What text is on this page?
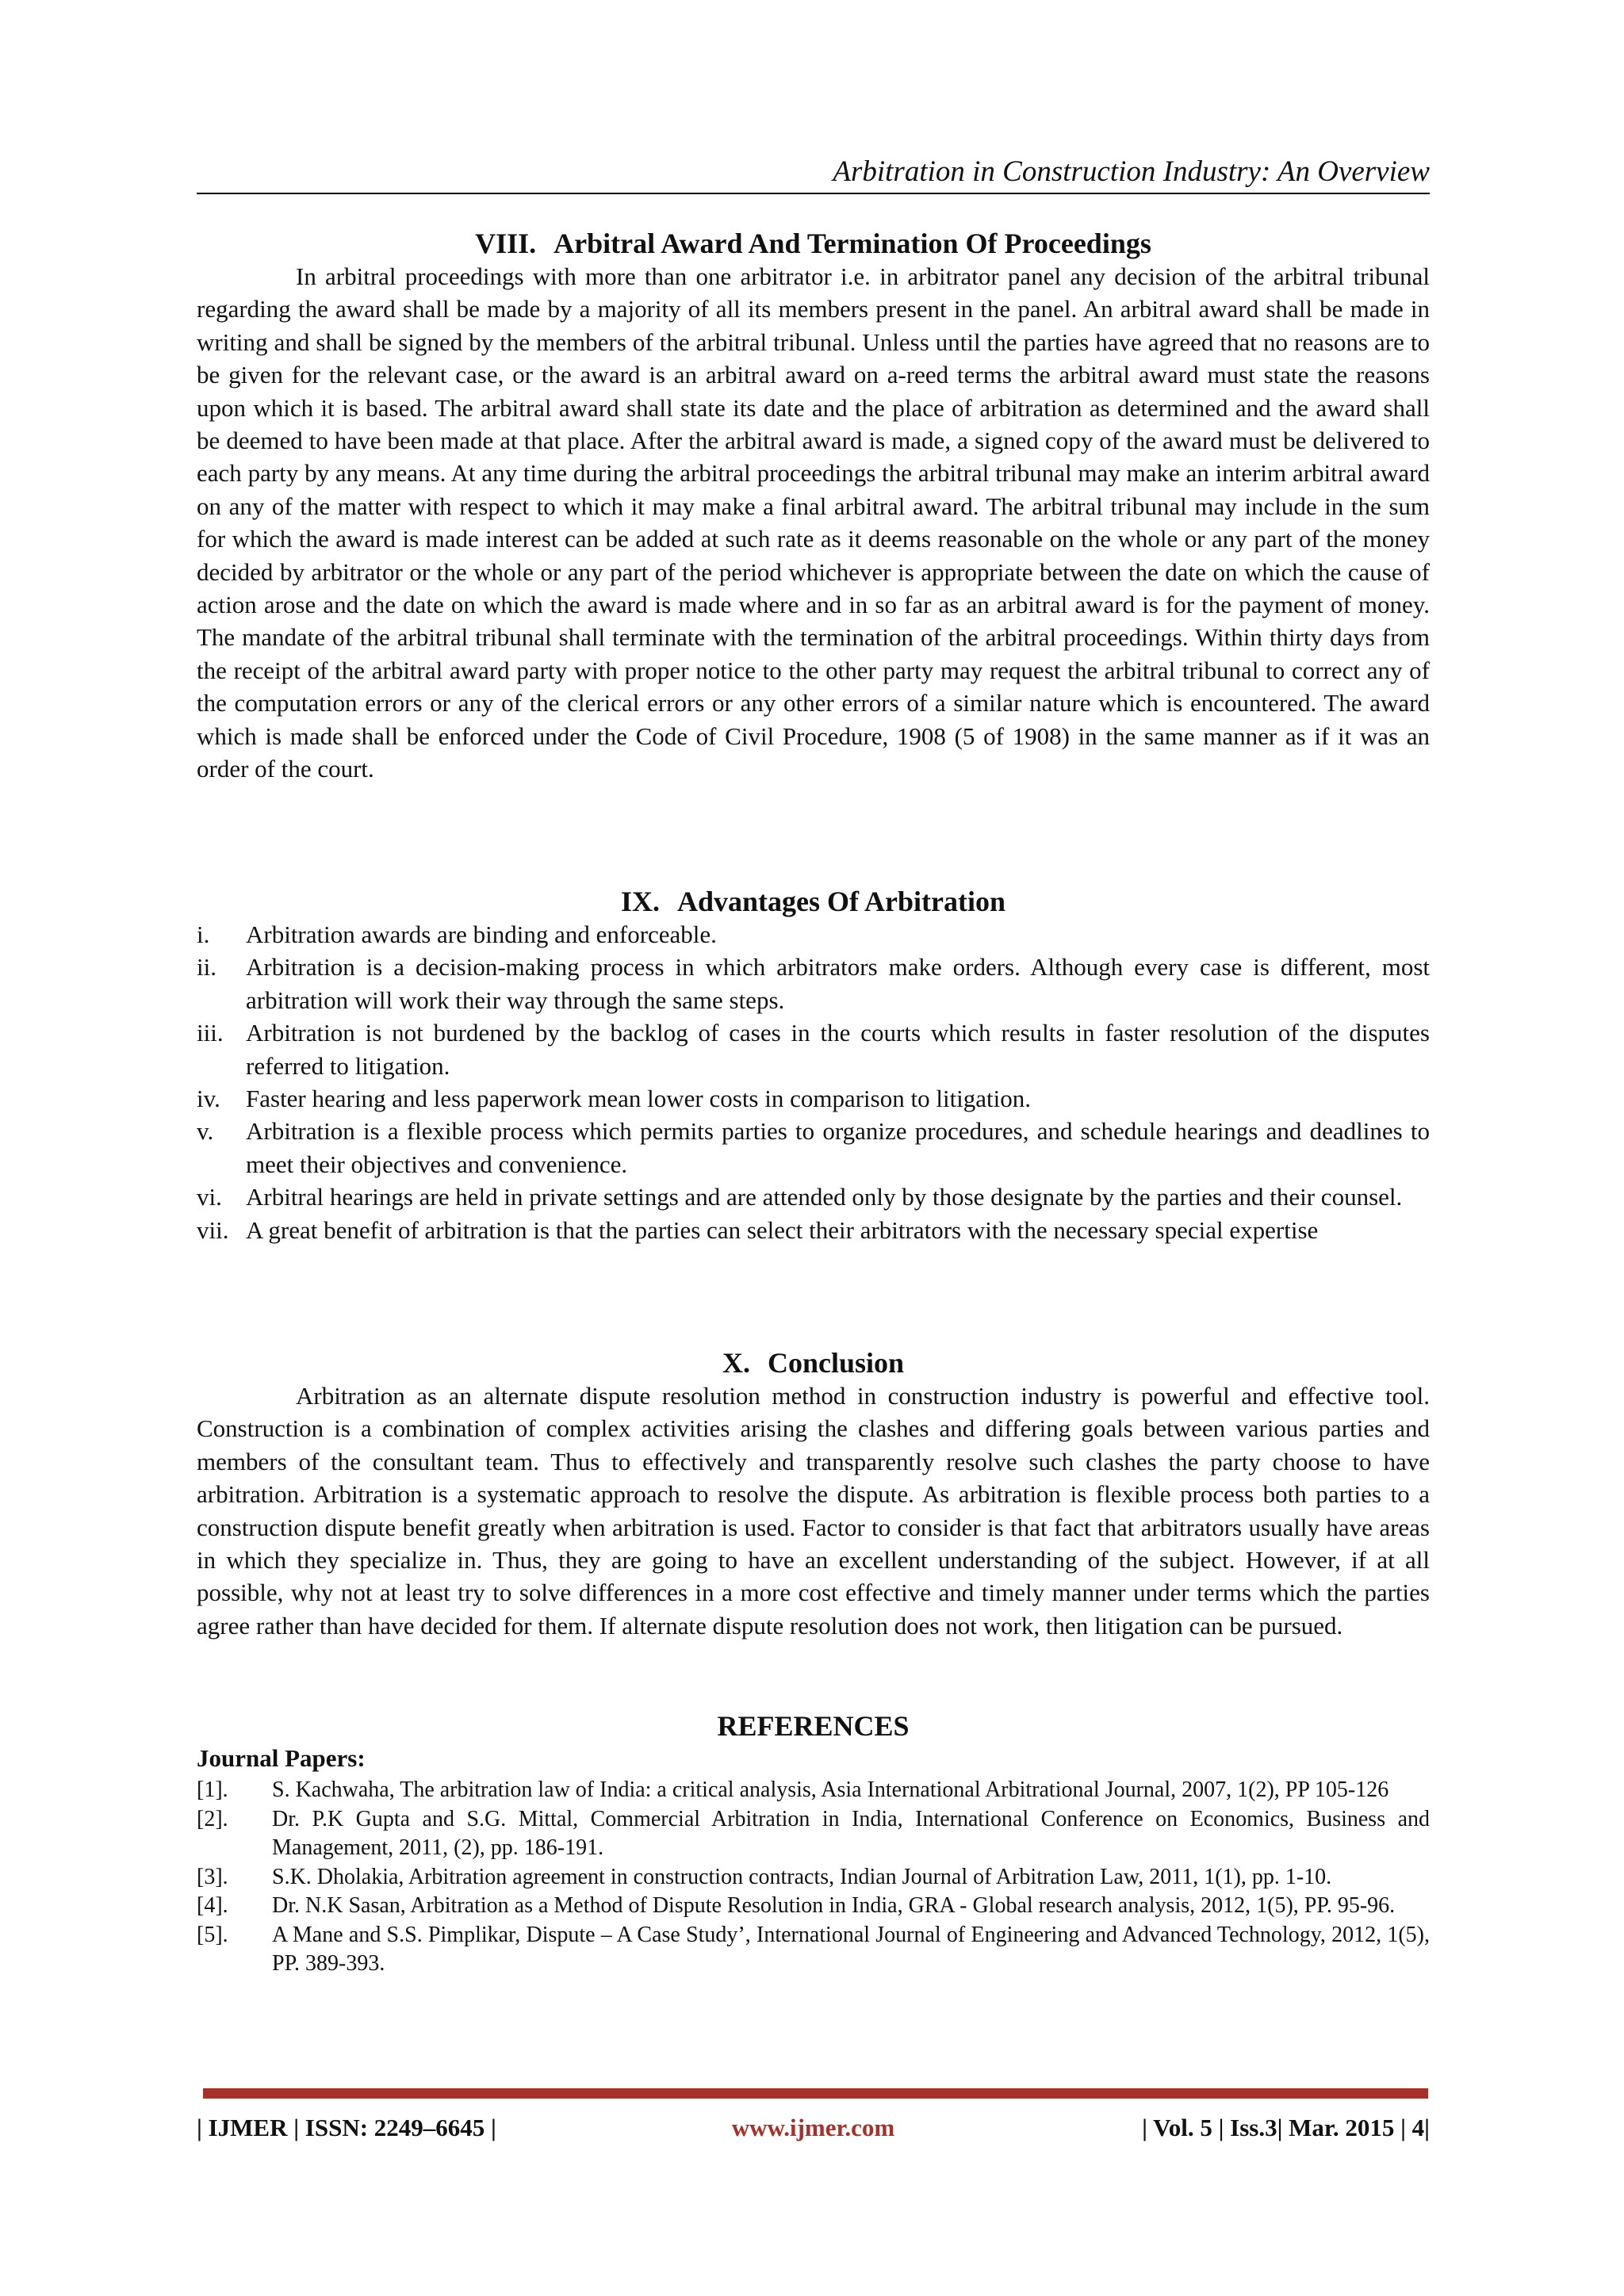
Arbitration in Construction Industry: An Overview
VIII. Arbitral Award And Termination Of Proceedings

In arbitral proceedings with more than one arbitrator i.e. in arbitrator panel any decision of the arbitral tribunal regarding the award shall be made by a majority of all its members present in the panel. An arbitral award shall be made in writing and shall be signed by the members of the arbitral tribunal. Unless until the parties have agreed that no reasons are to be given for the relevant case, or the award is an arbitral award on a-reed terms the arbitral award must state the reasons upon which it is based. The arbitral award shall state its date and the place of arbitration as determined and the award shall be deemed to have been made at that place. After the arbitral award is made, a signed copy of the award must be delivered to each party by any means. At any time during the arbitral proceedings the arbitral tribunal may make an interim arbitral award on any of the matter with respect to which it may make a final arbitral award. The arbitral tribunal may include in the sum for which the award is made interest can be added at such rate as it deems reasonable on the whole or any part of the money decided by arbitrator or the whole or any part of the period whichever is appropriate between the date on which the cause of action arose and the date on which the award is made where and in so far as an arbitral award is for the payment of money. The mandate of the arbitral tribunal shall terminate with the termination of the arbitral proceedings. Within thirty days from the receipt of the arbitral award party with proper notice to the other party may request the arbitral tribunal to correct any of the computation errors or any of the clerical errors or any other errors of a similar nature which is encountered. The award which is made shall be enforced under the Code of Civil Procedure, 1908 (5 of 1908) in the same manner as if it was an order of the court.

IX. Advantages Of Arbitration
i. Arbitration awards are binding and enforceable.
ii. Arbitration is a decision-making process in which arbitrators make orders. Although every case is different, most arbitration will work their way through the same steps.
iii. Arbitration is not burdened by the backlog of cases in the courts which results in faster resolution of the disputes referred to litigation.
iv. Faster hearing and less paperwork mean lower costs in comparison to litigation.
v. Arbitration is a flexible process which permits parties to organize procedures, and schedule hearings and deadlines to meet their objectives and convenience.
vi. Arbitral hearings are held in private settings and are attended only by those designate by the parties and their counsel.
vii. A great benefit of arbitration is that the parties can select their arbitrators with the necessary special expertise
X. Conclusion

Arbitration as an alternate dispute resolution method in construction industry is powerful and effective tool. Construction is a combination of complex activities arising the clashes and differing goals between various parties and members of the consultant team. Thus to effectively and transparently resolve such clashes the party choose to have arbitration. Arbitration is a systematic approach to resolve the dispute. As arbitration is flexible process both parties to a construction dispute benefit greatly when arbitration is used. Factor to consider is that fact that arbitrators usually have areas in which they specialize in. Thus, they are going to have an excellent understanding of the subject. However, if at all possible, why not at least try to solve differences in a more cost effective and timely manner under terms which the parties agree rather than have decided for them. If alternate dispute resolution does not work, then litigation can be pursued.

REFERENCES
Journal Papers:
[1]. S. Kachwaha, The arbitration law of India: a critical analysis, Asia International Arbitrational Journal, 2007, 1(2), PP 105-126
[2]. Dr. P.K Gupta and S.G. Mittal, Commercial Arbitration in India, International Conference on Economics, Business and Management, 2011, (2), pp. 186-191.
[3]. S.K. Dholakia, Arbitration agreement in construction contracts, Indian Journal of Arbitration Law, 2011, 1(1), pp. 1-10.
[4]. Dr. N.K Sasan, Arbitration as a Method of Dispute Resolution in India, GRA - Global research analysis, 2012, 1(5), PP. 95-96.
[5]. A Mane and S.S. Pimplikar, Dispute – A Case Study’, International Journal of Engineering and Advanced Technology, 2012, 1(5), PP. 389-393.
| IJMER | ISSN: 2249–6645 |	www.ijmer.com	| Vol. 5 | Iss.3| Mar. 2015 | 4|
